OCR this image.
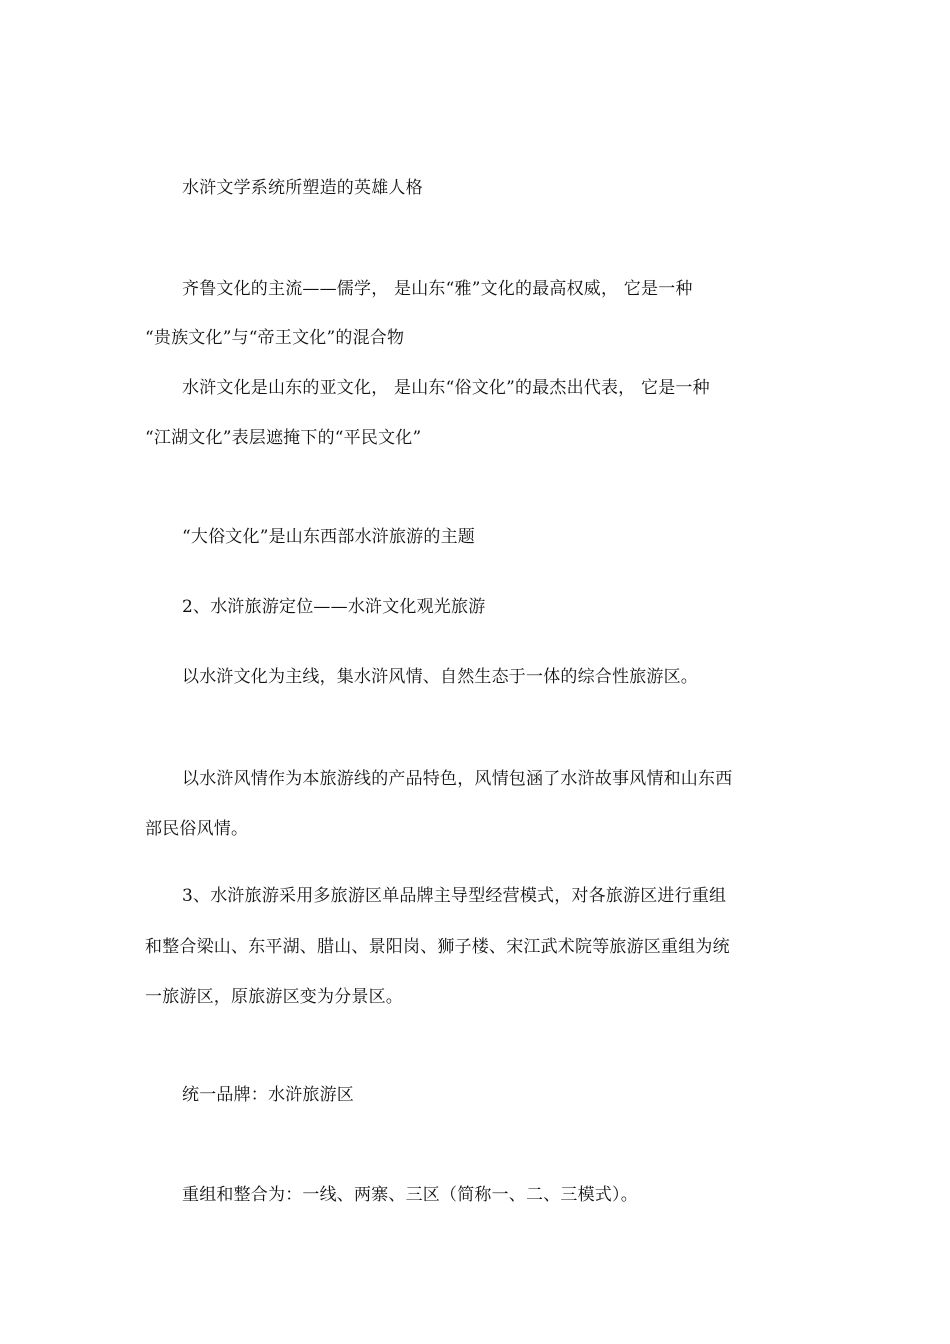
水浒文学系统所塑造的英雄人格
齐鲁文化的主流——儒学， 是山东“雅”文化的最高权威， 它是一种
“贵族文化”与“帝王文化”的混合物
水浒文化是山东的亚文化， 是山东“俗文化”的最杰出代表， 它是一种
“江湖文化”表层遮掩下的“平民文化”
“大俗文化”是山东西部水浒旅游的主题
2、水浒旅游定位——水浒文化观光旅游
以水浒文化为主线，集水浒风情、自然生态于一体的综合性旅游区。
以水浒风情作为本旅游线的产品特色，风情包涵了水浒故事风情和山东西
部民俗风情。
3、水浒旅游采用多旅游区单品牌主导型经营模式，对各旅游区进行重组
和整合梁山、东平湖、腊山、景阳岗、狮子楼、宋江武术院等旅游区重组为统
一旅游区，原旅游区变为分景区。
统一品牌：水浒旅游区
重组和整合为：一线、两寨、三区（简称一、二、三模式）。
